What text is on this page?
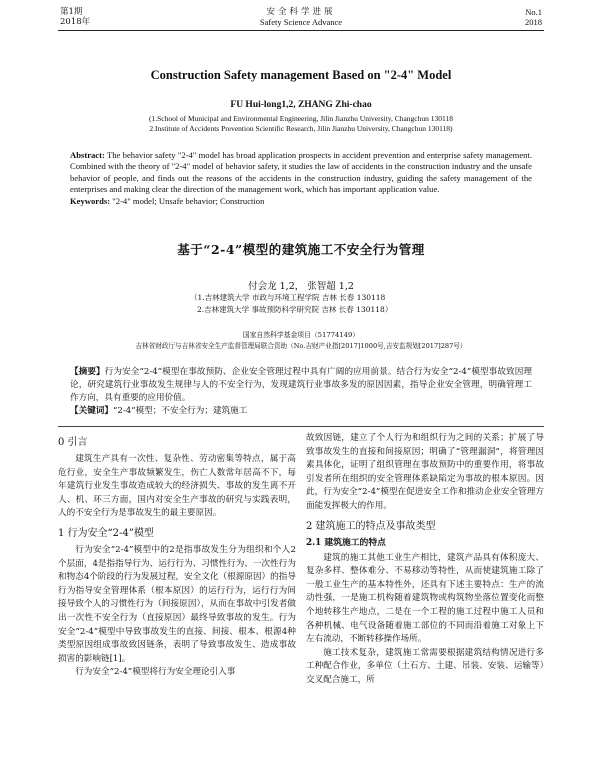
第1期
2018年
安全科学进展
Safety Science Advance
No.1
2018
Construction Safety management Based on "2-4" Model
FU Hui-long1,2, ZHANG Zhi-chao
(1.School of Municipal and Environmental Engineering, Jilin Jianzhu University, Changchun 130118
2.Institute of Accidents Prevention Scientific Research, Jilin Jianzhu University, Changchun 130118)
Abstract: The behavior safety "2-4" model has broad application prospects in accident prevention and enterprise safety management. Combined with the theory of "2-4" model of behavior safety, it studies the law of accidents in the construction industry and the unsafe behavior of people, and finds out the reasons of the accidents in the construction industry, guiding the safety management of the enterprises and making clear the direction of the management work, which has important application value.
Keywords: "2-4" model; Unsafe behavior; Construction
基于“2-4”模型的建筑施工不安全行为管理
付会龙 1,2， 张智超 1,2
（1.吉林建筑大学 市政与环境工程学院 吉林 长春 130118
2.吉林建筑大学 事故预防科学研究院 吉林 长春 130118）
国家自然科学基金项目（51774149）
吉林省财政厅与吉林省安全生产监督管理局联合资助（No.吉财产业指[2017]1000号,吉安监规划[2017]287号）
【摘要】行为安全“2-4”模型在事故预防、企业安全管理过程中具有广阔的应用前景。结合行为安全“2-4”模型事故致因理论，研究建筑行业事故发生规律与人的不安全行为，发现建筑行业事故多发的原因因素，指导企业安全管理，明确管理工作方向，具有重要的应用价值。
【关键词】“2-4”模型；不安全行为；建筑施工
0 引言

建筑生产具有一次性、复杂性、劳动密集等特点，属于高危行业，安全生产事故频繁发生，伤亡人数常年居高不下，每年建筑行业发生事故造成较大的经济损失、事故的发生离不开人、机、环三方面，国内对安全生产事故的研究与实践表明，人的不安全行为是事故发生的最主要原因。

1 行为安全“2-4”模型

行为安全“2-4”模型中的2是指事故发生分为组织和个人2个层面，4是指指导行为、运行行为、习惯性行为、一次性行为和物态4个阶段的行为发展过程，安全文化（根源原因）的指导行为指导安全管理体系（根本原因）的运行行为，运行行为间接导致个人的习惯性行为（间接原因），从而在事故中引发者做出一次性不安全行为（直接原因）最终导致事故的发生。行为安全“2-4”模型中导致事故发生的直接、间接、根本、根源4种类型原因组成事故致因链条，表明了导致事故发生、造成事故损害的影响链[1]。

行为安全“2-4”模型将行为安全理论引入事

故致因链，建立了个人行为和组织行为之间的关系；扩展了导致事故发生的直接和间接原因；明确了“管理漏洞”，将管理因素具体化，证明了组织管理在事故预防中的重要作用，将事故引发者所在组织的安全管理体系缺陷定为事故的根本原因。因此，行为安全“2-4”模型在促进安全工作和推动企业安全管理方面能发挥极大的作用。

2 建筑施工的特点及事故类型
2.1 建筑施工的特点

建筑的施工其他工业生产相比，建筑产品具有体积庞大、复杂多样、整体难分、不易移动等特性，从而使建筑施工除了一般工业生产的基本特性外，还具有下述主要特点：生产的流动性强，一是施工机构随着建筑物或构筑物坐落位置变化而整个地转移生产地点，二是在一个工程的施工过程中施工人员和各种机械、电气设备随着施工部位的不同而沿着施工对象上下左右流动，不断转移操作场所。

施工技术复杂，建筑施工常需要根据建筑结构情况进行多工种配合作业，多单位（土石方、土建、吊装、安装、运输等）交叉配合施工，所
